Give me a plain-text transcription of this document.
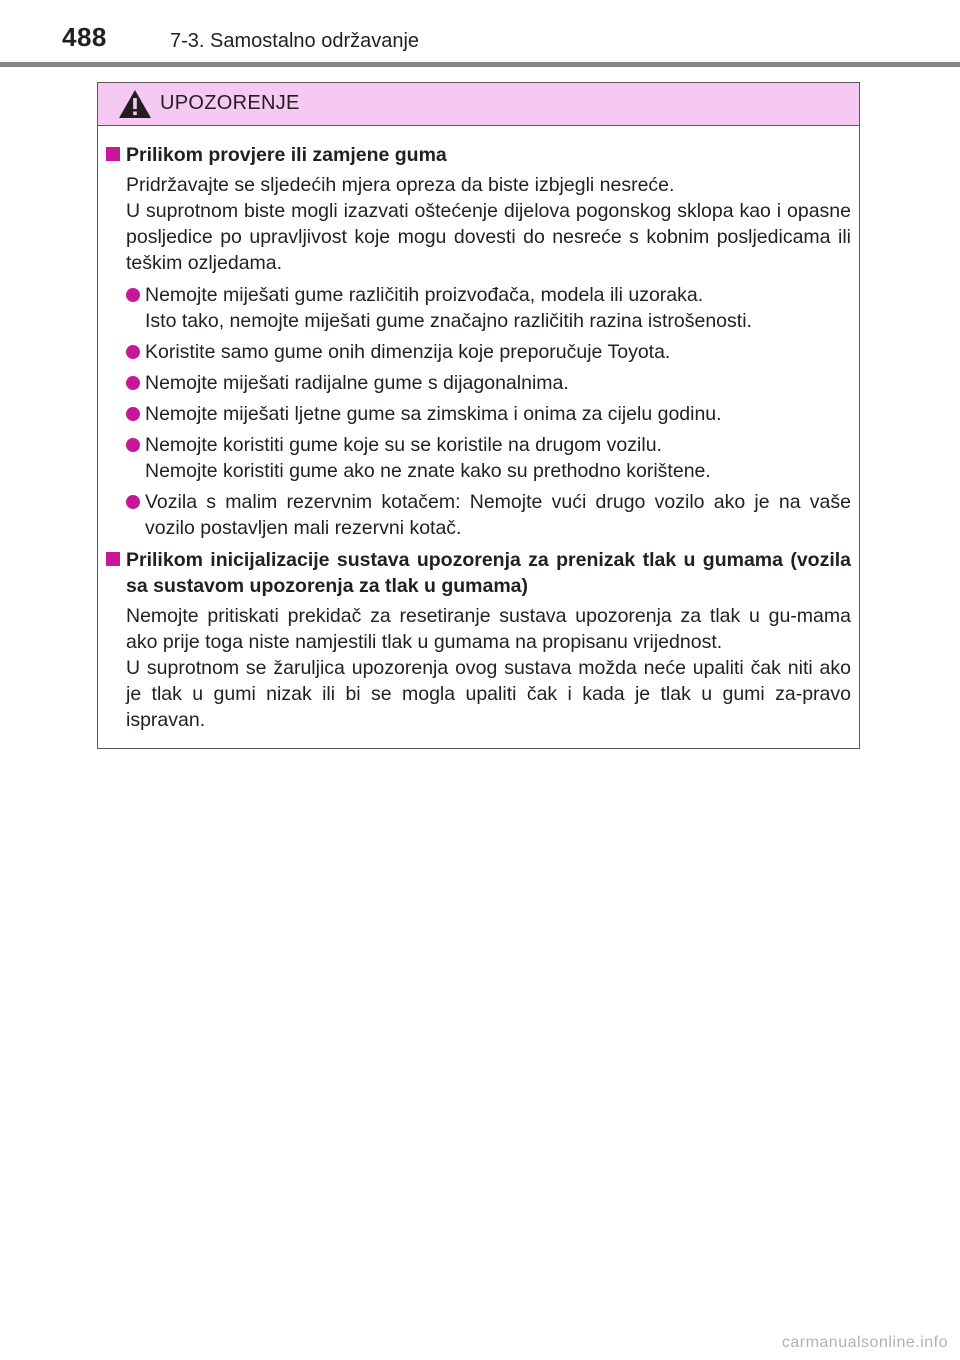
488	7-3. Samostalno održavanje
UPOZORENJE
Prilikom provjere ili zamjene guma
Pridržavajte se sljedećih mjera opreza da biste izbjegli nesreće.
U suprotnom biste mogli izazvati oštećenje dijelova pogonskog sklopa kao i opasne posljedice po upravljivost koje mogu dovesti do nesreće s kobnim posljedicama ili teškim ozljedama.
Nemojte miješati gume različitih proizvođača, modela ili uzoraka.
Isto tako, nemojte miješati gume značajno različitih razina istrošenosti.
Koristite samo gume onih dimenzija koje preporučuje Toyota.
Nemojte miješati radijalne gume s dijagonalnima.
Nemojte miješati ljetne gume sa zimskima i onima za cijelu godinu.
Nemojte koristiti gume koje su se koristile na drugom vozilu.
Nemojte koristiti gume ako ne znate kako su prethodno korištene.
Vozila s malim rezervnim kotačem: Nemojte vući drugo vozilo ako je na vaše vozilo postavljen mali rezervni kotač.
Prilikom inicijalizacije sustava upozorenja za prenizak tlak u gumama (vozila sa sustavom upozorenja za tlak u gumama)
Nemojte pritiskati prekidač za resetiranje sustava upozorenja za tlak u gu-mama ako prije toga niste namjestili tlak u gumama na propisanu vrijednost.
U suprotnom se žaruljica upozorenja ovog sustava možda neće upaliti čak niti ako je tlak u gumi nizak ili bi se mogla upaliti čak i kada je tlak u gumi za-pravo ispravan.
carmanualsonline.info
